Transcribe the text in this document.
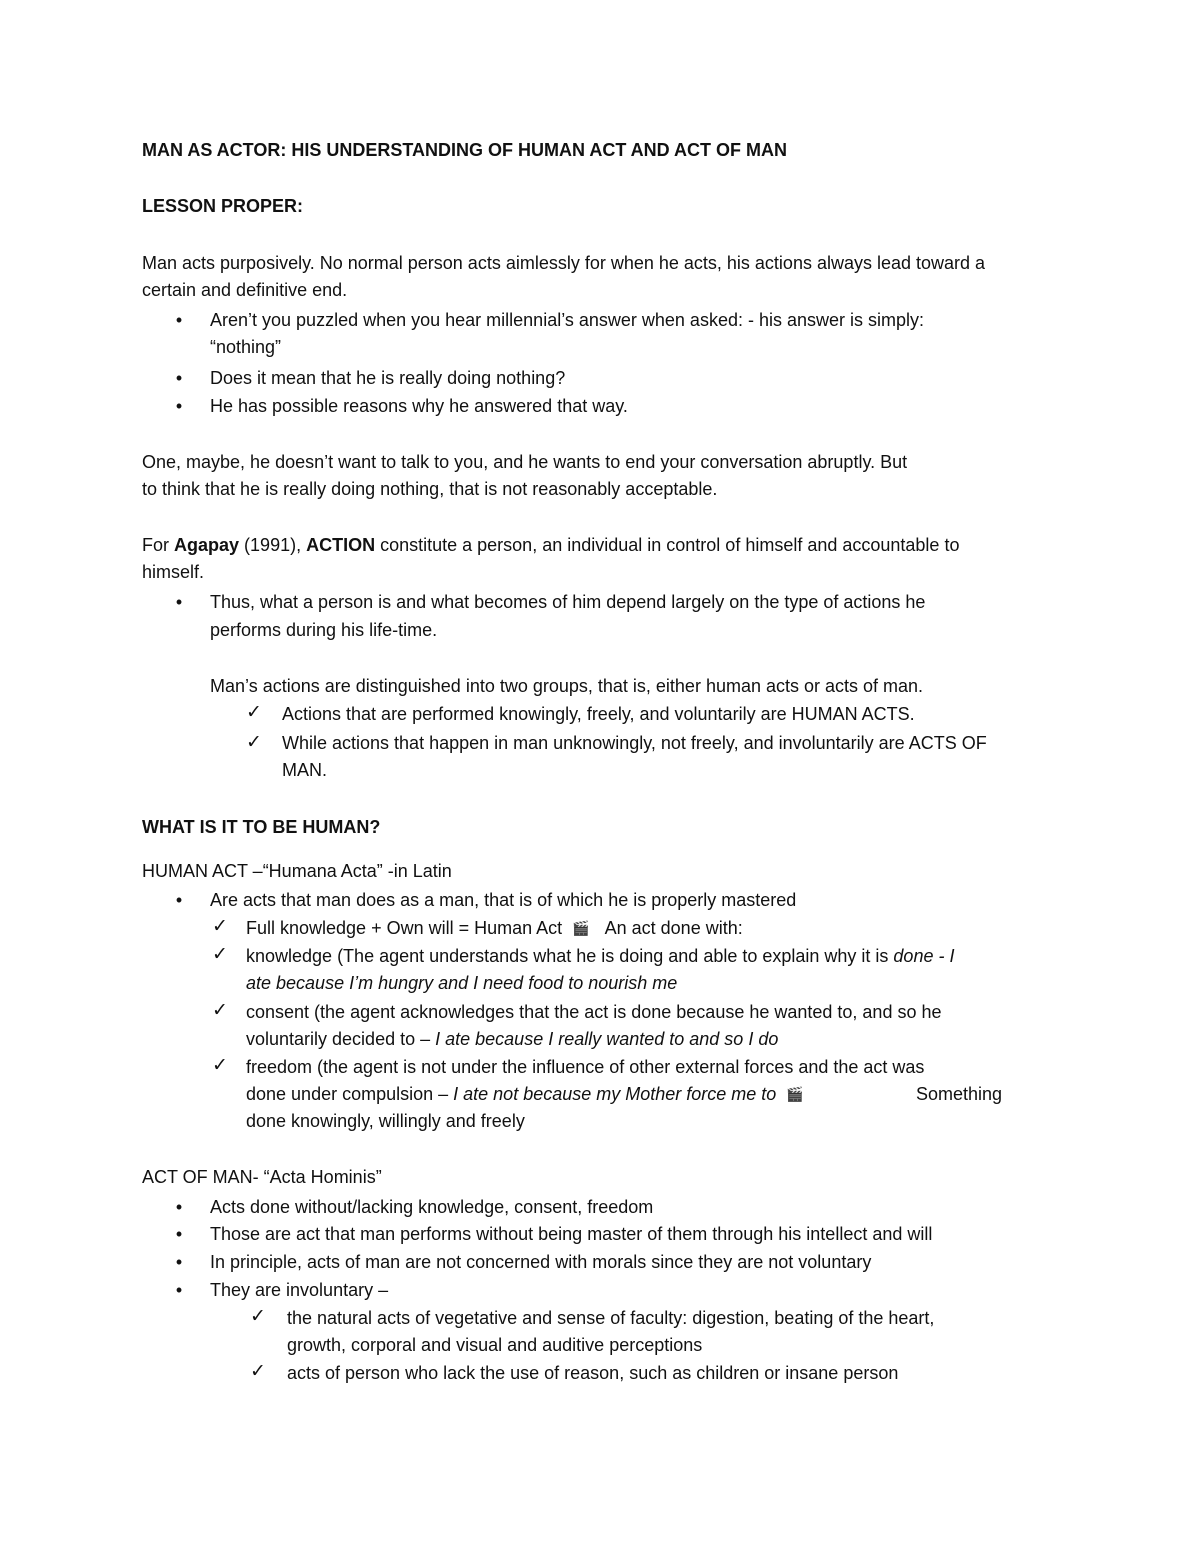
MAN AS ACTOR: HIS UNDERSTANDING OF HUMAN ACT AND ACT OF MAN
LESSON PROPER:
Man acts purposively. No normal person acts aimlessly for when he acts, his actions always lead toward a
certain and definitive end.
• Aren’t you puzzled when you hear millennial’s answer when asked: - his answer is simply:
“nothing”
• Does it mean that he is really doing nothing?
• He has possible reasons why he answered that way.
One, maybe, he doesn’t want to talk to you, and he wants to end your conversation abruptly. But
to think that he is really doing nothing, that is not reasonably acceptable.
For Agapay (1991), ACTION constitute a person, an individual in control of himself and accountable to
himself.
• Thus, what a person is and what becomes of him depend largely on the type of actions he
performs during his life-time.
Man’s actions are distinguished into two groups, that is, either human acts or acts of man.
✓ Actions that are performed knowingly, freely, and voluntarily are HUMAN ACTS.
✓ While actions that happen in man unknowingly, not freely, and involuntarily are ACTS OF
MAN.
WHAT IS IT TO BE HUMAN?
HUMAN ACT –“Humana Acta” -in Latin
• Are acts that man does as a man, that is of which he is properly mastered
✓ Full knowledge + Own will = Human Act 🎬 An act done with:
✓ knowledge (The agent understands what he is doing and able to explain why it is done - I
ate because I’m hungry and I need food to nourish me
✓ consent (the agent acknowledges that the act is done because he wanted to, and so he
voluntarily decided to – I ate because I really wanted to and so I do
✓ freedom (the agent is not under the influence of other external forces and the act was
done under compulsion – I ate not because my Mother force me to 🎬	Something
done knowingly, willingly and freely
ACT OF MAN- “Acta Hominis”
• Acts done without/lacking knowledge, consent, freedom
• Those are act that man performs without being master of them through his intellect and will
• In principle, acts of man are not concerned with morals since they are not voluntary
• They are involuntary –
✓ the natural acts of vegetative and sense of faculty: digestion, beating of the heart,
growth, corporal and visual and auditive perceptions
✓ acts of person who lack the use of reason, such as children or insane person
